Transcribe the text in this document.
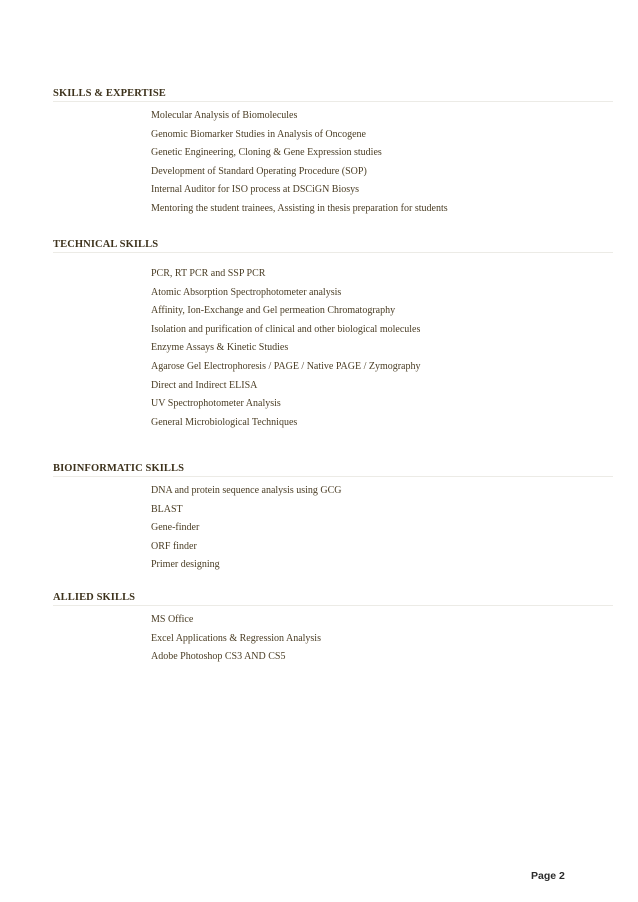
SKILLS & EXPERTISE
Molecular Analysis of Biomolecules
Genomic Biomarker Studies in Analysis of Oncogene
Genetic Engineering, Cloning & Gene Expression studies
Development of Standard Operating Procedure (SOP)
Internal Auditor for ISO process at DSCiGN Biosys
Mentoring the student trainees, Assisting in thesis preparation for students
TECHNICAL SKILLS
PCR, RT PCR and SSP PCR
Atomic Absorption Spectrophotometer analysis
Affinity, Ion-Exchange and Gel permeation Chromatography
Isolation and purification of clinical and other biological molecules
Enzyme Assays & Kinetic Studies
Agarose Gel Electrophoresis / PAGE / Native PAGE / Zymography
Direct and Indirect ELISA
UV Spectrophotometer Analysis
General Microbiological Techniques
BIOINFORMATIC SKILLS
DNA and protein sequence analysis using GCG
BLAST
Gene-finder
ORF finder
Primer designing
ALLIED SKILLS
MS Office
Excel Applications & Regression Analysis
Adobe Photoshop CS3 AND CS5
Page 2
